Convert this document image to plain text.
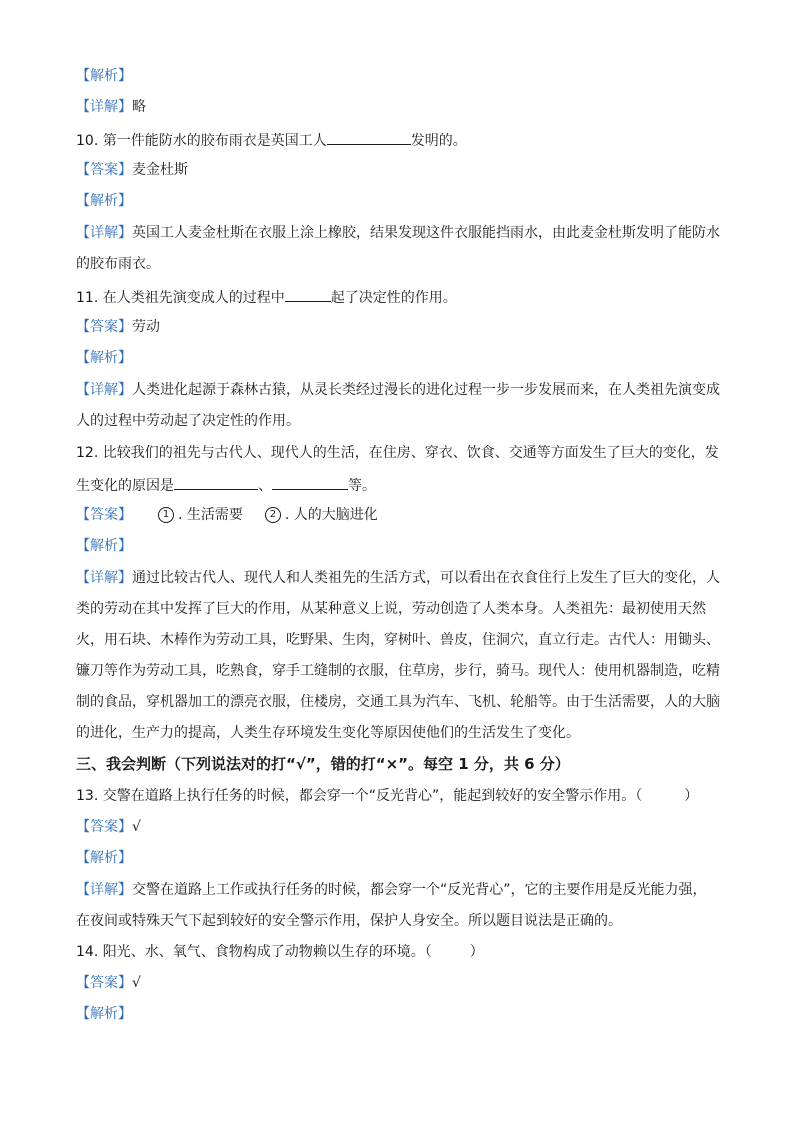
【解析】
【详解】略
10. 第一件能防水的胶布雨衣是英国工人	发明的。
【答案】麦金杜斯
【解析】
【详解】英国工人麦金杜斯在衣服上涂上橡胶，结果发现这件衣服能挡雨水，由此麦金杜斯发明了能防水
的胶布雨衣。
11. 在人类祖先演变成人的过程中	起了决定性的作用。
【答案】劳动
【解析】
【详解】人类进化起源于森林古猿，从灵长类经过漫长的进化过程一步一步发展而来，在人类祖先演变成
人的过程中劳动起了决定性的作用。
12. 比较我们的祖先与古代人、现代人的生活，在住房、穿衣、饮食、交通等方面发生了巨大的变化，发
生变化的原因是	、	等。
【答案】	1 . 生活需要	2 . 人的大脑进化
【解析】
【详解】通过比较古代人、现代人和人类祖先的生活方式，可以看出在衣食住行上发生了巨大的变化，人
类的劳动在其中发挥了巨大的作用，从某种意义上说，劳动创造了人类本身。人类祖先：最初使用天然
火，用石块、木棒作为劳动工具，吃野果、生肉，穿树叶、兽皮，住洞穴，直立行走。古代人：用锄头、
镰刀等作为劳动工具，吃熟食，穿手工缝制的衣服，住草房，步行，骑马。现代人：使用机器制造，吃精
制的食品，穿机器加工的漂亮衣服，住楼房，交通工具为汽车、飞机、轮船等。由于生活需要，人的大脑
的进化，生产力的提高，人类生存环境发生变化等原因使他们的生活发生了变化。
三、我会判断（下列说法对的打“√”，错的打“×”。每空 1 分，共 6 分）
13. 交警在道路上执行任务的时候，都会穿一个“反光背心”，能起到较好的安全警示作用。（	）
【答案】√
【解析】
【详解】交警在道路上工作或执行任务的时候，都会穿一个“反光背心”，它的主要作用是反光能力强，
在夜间或特殊天气下起到较好的安全警示作用，保护人身安全。所以题目说法是正确的。
14. 阳光、水、氧气、食物构成了动物赖以生存的环境。（	）
【答案】√
【解析】
